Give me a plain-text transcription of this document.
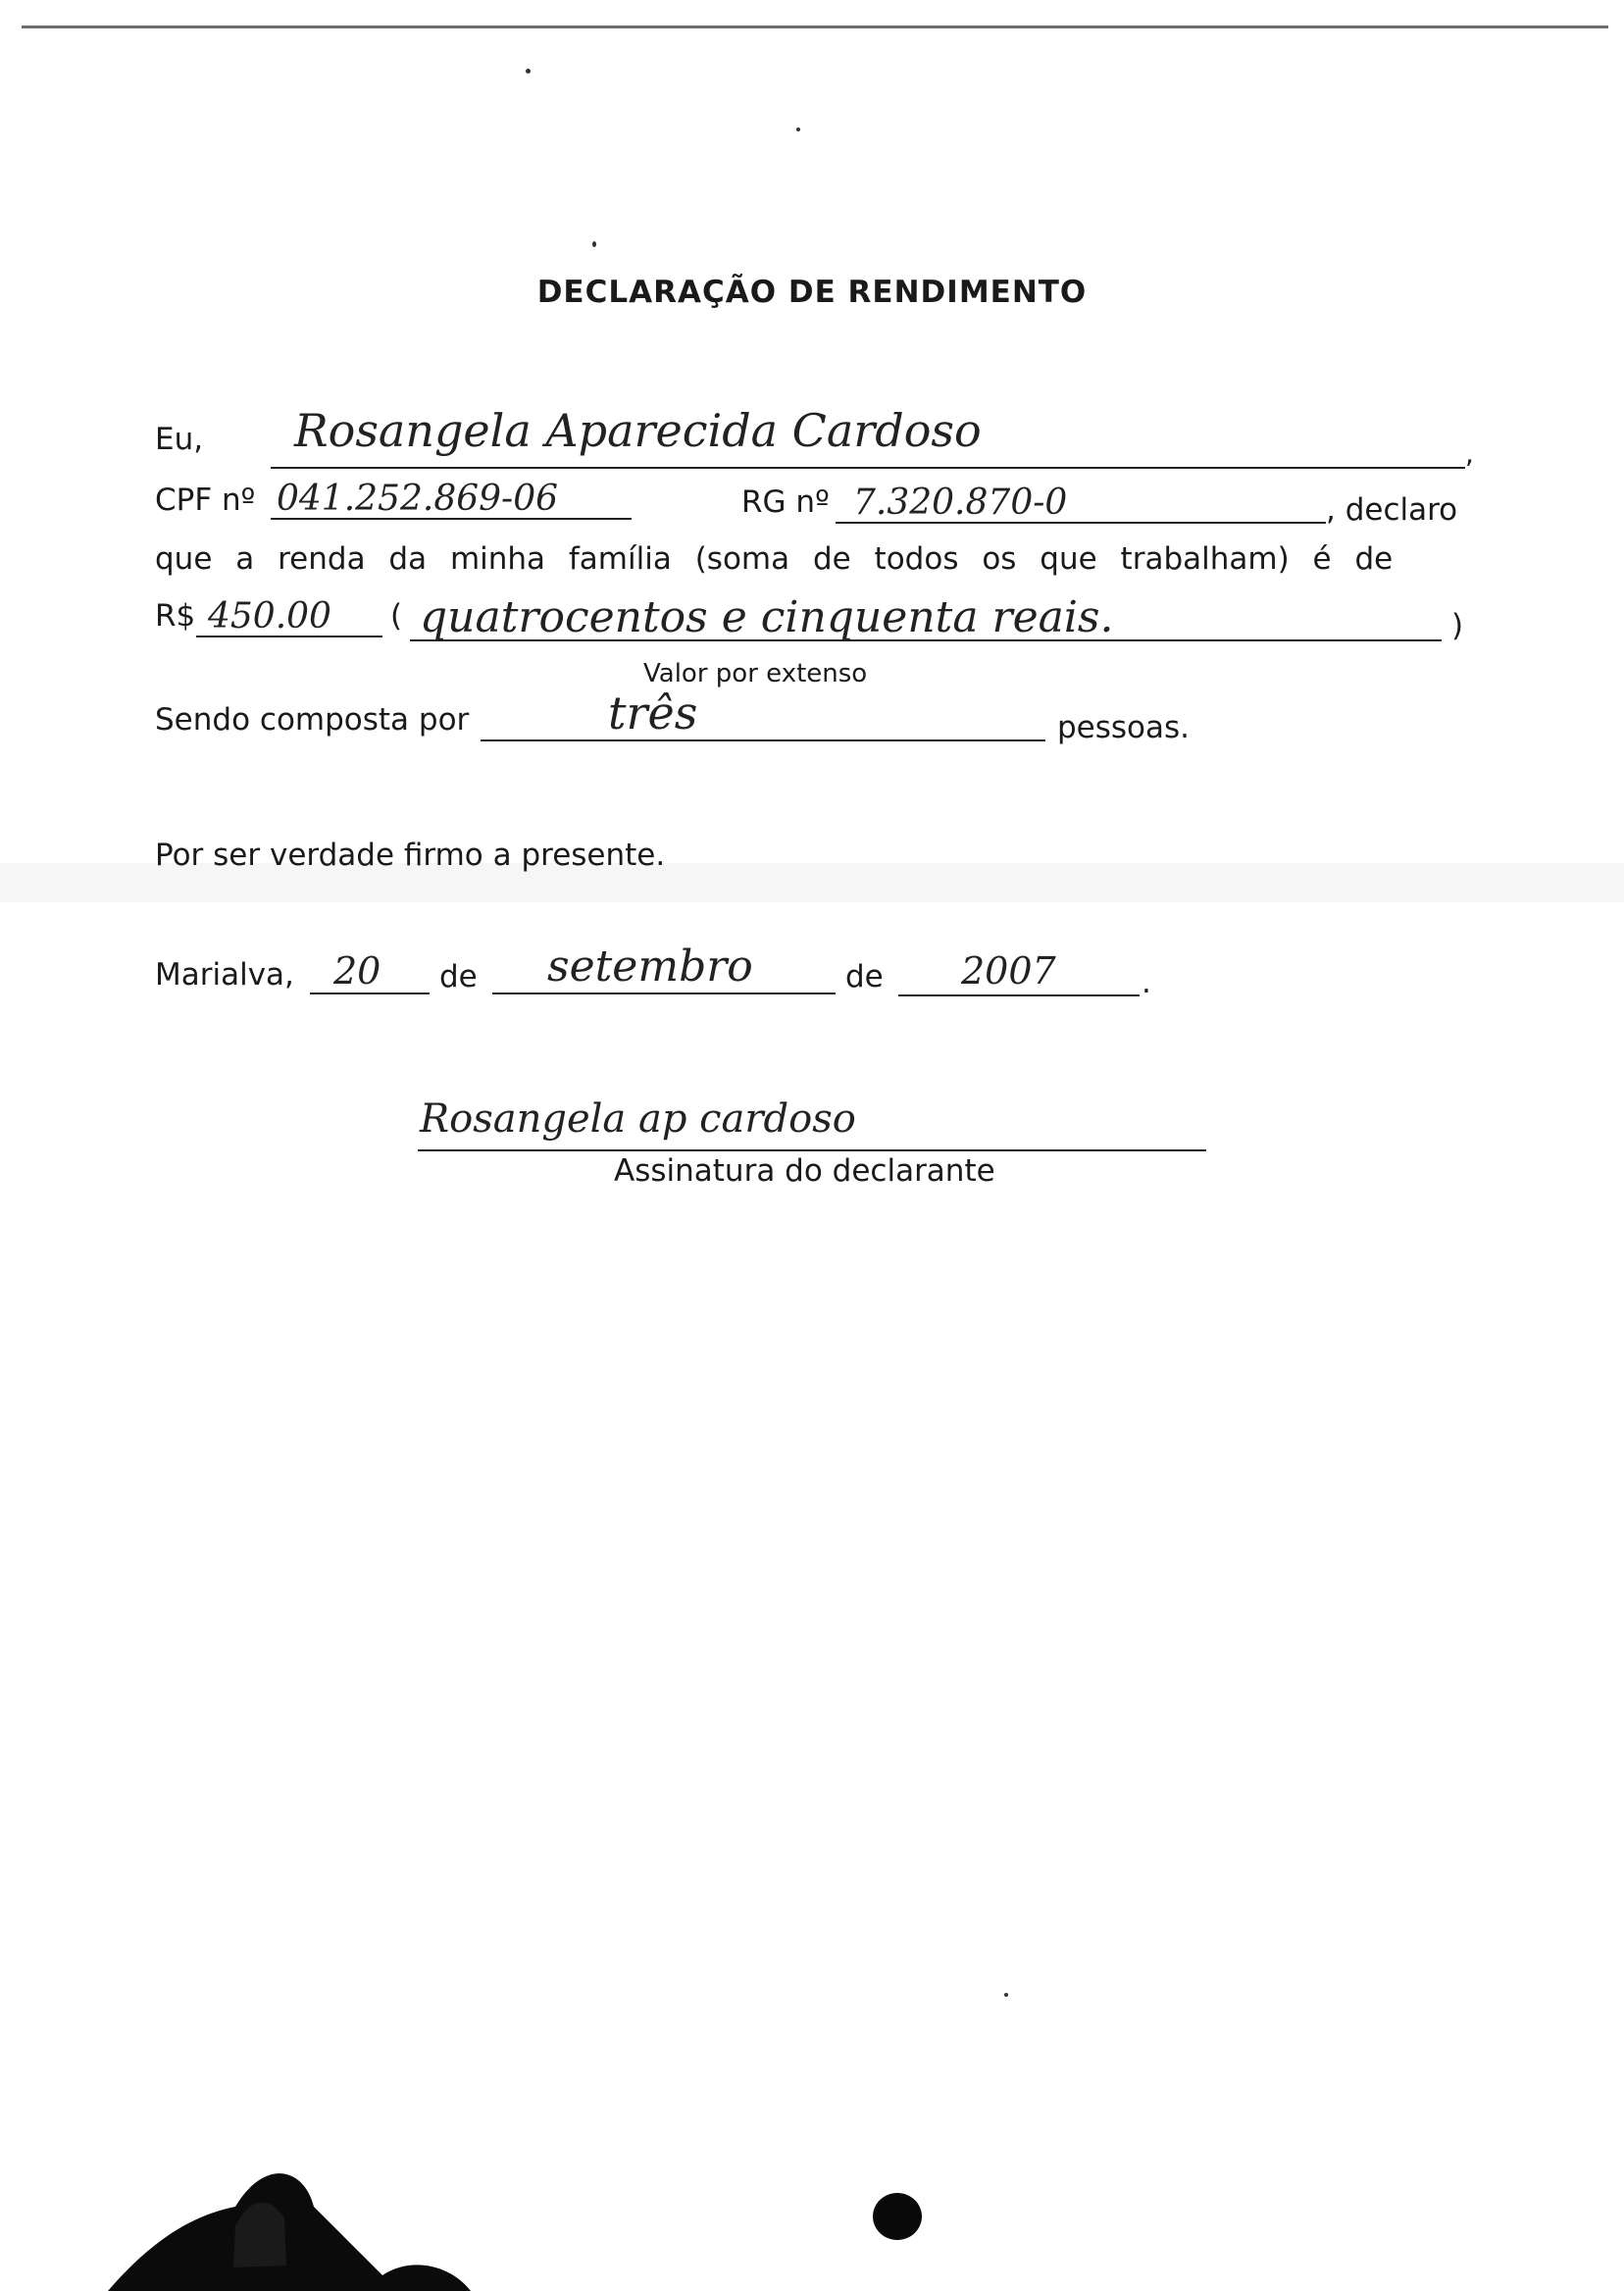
DECLARAÇÃO DE RENDIMENTO
Eu, Rosangela Aparecida Cardoso	,
CPF nº 041.252.869-06	RG nº 7.320.870-0	, declaro
que a renda da minha família (soma de todos os que trabalham) é de
R$ 450.00 ( quatrocentos e cinquenta reais.	)
Valor por extenso
Sendo composta por	três	pessoas.
Por ser verdade firmo a presente.
Marialva, 20 de setembro	de 2007	.
Rosangela ap cardoso
Assinatura do declarante
